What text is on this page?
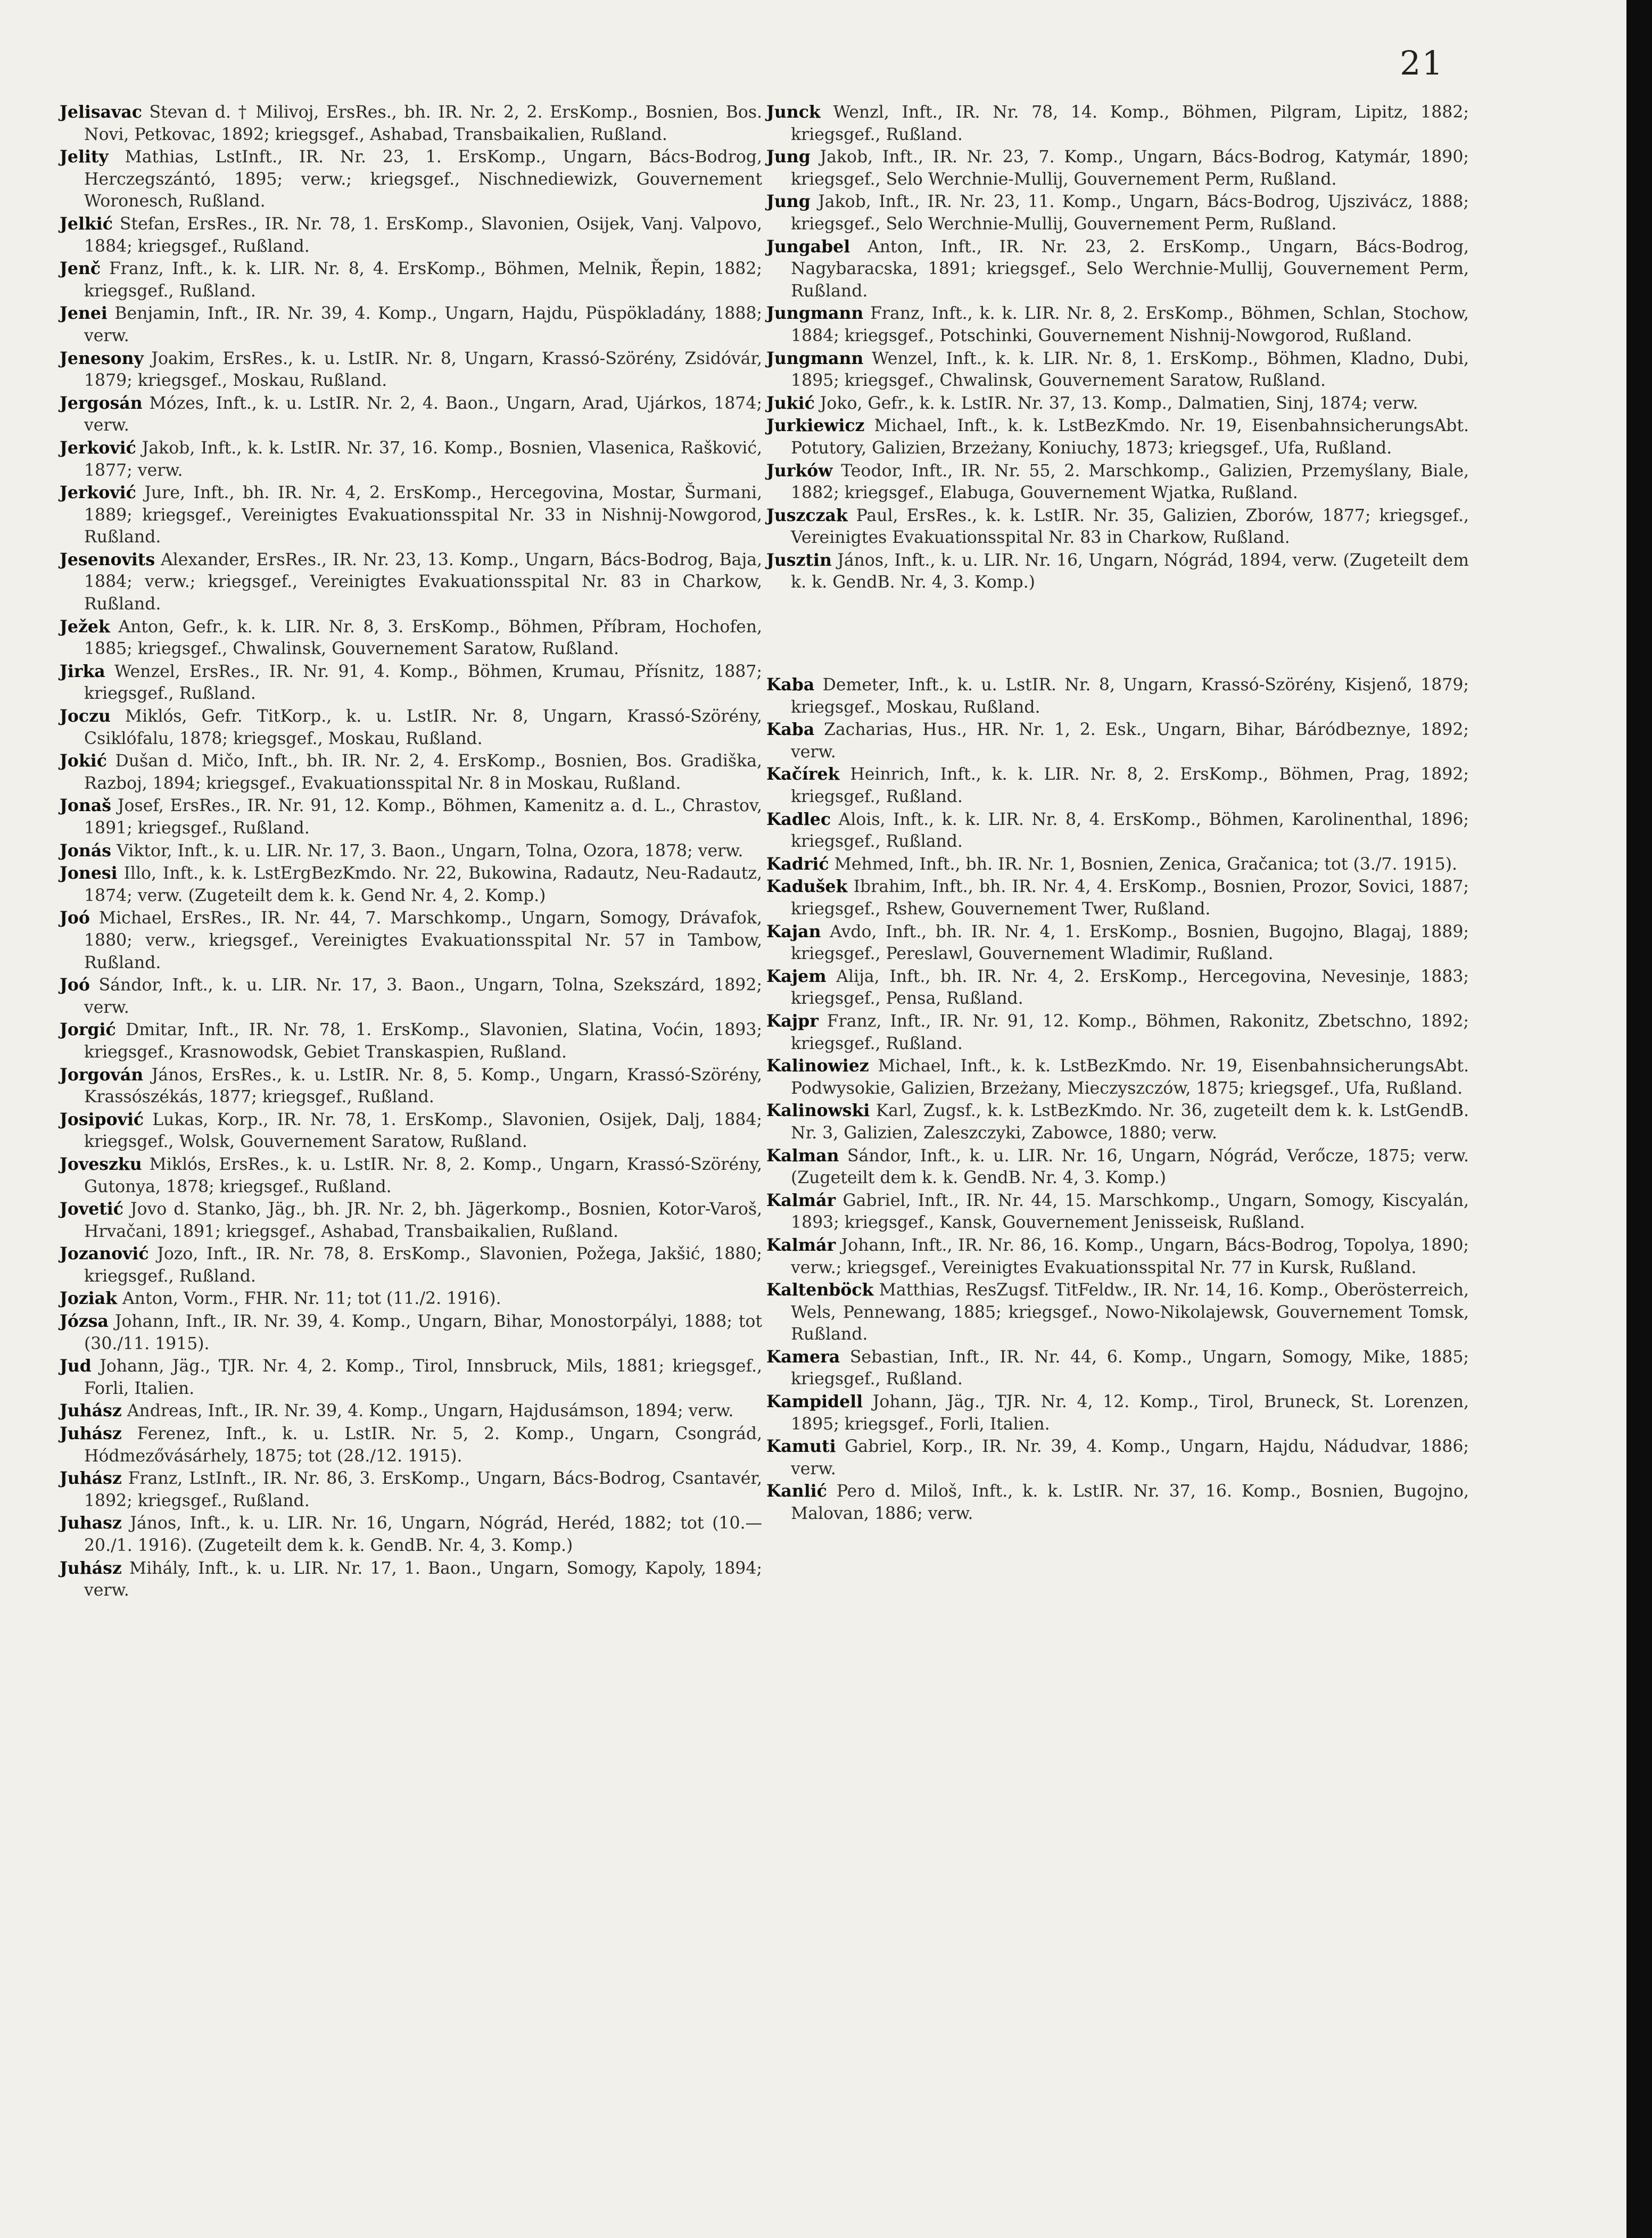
21

Jelisavac Stevan d. † Milivoj, ErsRes., bh. IR. Nr. 2, 2. ErsKomp., Bosnien, Bos. Novi, Petkovac, 1892; kriegsgef., Ashabad, Transbaikalien, Rußland.

Jelity Mathias, LstInft., IR. Nr. 23, 1. ErsKomp., Ungarn, Bács-Bodrog, Herczegszántó, 1895; verw.; kriegsgef., Nischnediewizk, Gouvernement Woronesch, Rußland.

Jelkić Stefan, ErsRes., IR. Nr. 78, 1. ErsKomp., Slavonien, Osijek, Vanj. Valpovo, 1884; kriegsgef., Rußland.

Jenč Franz, Inft., k. k. LIR. Nr. 8, 4. ErsKomp., Böhmen, Melnik, Řepin, 1882; kriegsgef., Rußland.

Jenei Benjamin, Inft., IR. Nr. 39, 4. Komp., Ungarn, Hajdu, Püspökladány, 1888; verw.

Jenesony Joakim, ErsRes., k. u. LstIR. Nr. 8, Ungarn, Krassó-Szörény, Zsidóvár, 1879; kriegsgef., Moskau, Rußland.

Jergosán Mózes, Inft., k. u. LstIR. Nr. 2, 4. Baon., Ungarn, Arad, Ujárkos, 1874; verw.

Jerković Jakob, Inft., k. k. LstIR. Nr. 37, 16. Komp., Bosnien, Vlasenica, Rašković, 1877; verw.

Jerković Jure, Inft., bh. IR. Nr. 4, 2. ErsKomp., Hercegovina, Mostar, Šurmani, 1889; kriegsgef., Vereinigtes Evakuationsspital Nr. 33 in Nishnij-Nowgorod, Rußland.

Jesenovits Alexander, ErsRes., IR. Nr. 23, 13. Komp., Ungarn, Bács-Bodrog, Baja, 1884; verw.; kriegsgef., Vereinigtes Evakuationsspital Nr. 83 in Charkow, Rußland.

Ježek Anton, Gefr., k. k. LIR. Nr. 8, 3. ErsKomp., Böhmen, Příbram, Hochofen, 1885; kriegsgef., Chwalinsk, Gouvernement Saratow, Rußland.

Jirka Wenzel, ErsRes., IR. Nr. 91, 4. Komp., Böhmen, Krumau, Přísnitz, 1887; kriegsgef., Rußland.

Joczu Miklós, Gefr. TitKorp., k. u. LstIR. Nr. 8, Ungarn, Krassó-Szörény, Csiklófalu, 1878; kriegsgef., Moskau, Rußland.

Jokić Dušan d. Mičo, Inft., bh. IR. Nr. 2, 4. ErsKomp., Bosnien, Bos. Gradiška, Razboj, 1894; kriegsgef., Evakuationsspital Nr. 8 in Moskau, Rußland.

Jonaš Josef, ErsRes., IR. Nr. 91, 12. Komp., Böhmen, Kamenitz a. d. L., Chrastov, 1891; kriegsgef., Rußland.

Jonás Viktor, Inft., k. u. LIR. Nr. 17, 3. Baon., Ungarn, Tolna, Ozora, 1878; verw.

Jonesi Illo, Inft., k. k. LstErgBezKmdo. Nr. 22, Bukowina, Radautz, Neu-Radautz, 1874; verw. (Zugeteilt dem k. k. Gend Nr. 4, 2. Komp.)

Joó Michael, ErsRes., IR. Nr. 44, 7. Marschkomp., Ungarn, Somogy, Drávafok, 1880; verw., kriegsgef., Vereinigtes Evakuationsspital Nr. 57 in Tambow, Rußland.

Joó Sándor, Inft., k. u. LIR. Nr. 17, 3. Baon., Ungarn, Tolna, Szekszárd, 1892; verw.

Jorgić Dmitar, Inft., IR. Nr. 78, 1. ErsKomp., Slavonien, Slatina, Voćin, 1893; kriegsgef., Krasnowodsk, Gebiet Transkaspien, Rußland.

Jorgován János, ErsRes., k. u. LstIR. Nr. 8, 5. Komp., Ungarn, Krassó-Szörény, Krassószékás, 1877; kriegsgef., Rußland.

Josipović Lukas, Korp., IR. Nr. 78, 1. ErsKomp., Slavonien, Osijek, Dalj, 1884; kriegsgef., Wolsk, Gouvernement Saratow, Rußland.

Joveszku Miklós, ErsRes., k. u. LstIR. Nr. 8, 2. Komp., Ungarn, Krassó-Szörény, Gutonya, 1878; kriegsgef., Rußland.

Jovetić Jovo d. Stanko, Jäg., bh. JR. Nr. 2, bh. Jägerkomp., Bosnien, Kotor-Varoš, Hrvačani, 1891; kriegsgef., Ashabad, Transbaikalien, Rußland.

Jozanović Jozo, Inft., IR. Nr. 78, 8. ErsKomp., Slavonien, Požega, Jakšić, 1880; kriegsgef., Rußland.

Joziak Anton, Vorm., FHR. Nr. 11; tot (11./2. 1916).

Józsa Johann, Inft., IR. Nr. 39, 4. Komp., Ungarn, Bihar, Monostorpályi, 1888; tot (30./11. 1915).

Jud Johann, Jäg., TJR. Nr. 4, 2. Komp., Tirol, Innsbruck, Mils, 1881; kriegsgef., Forli, Italien.

Juhász Andreas, Inft., IR. Nr. 39, 4. Komp., Ungarn, Hajdusámson, 1894; verw.

Juhász Ferenez, Inft., k. u. LstIR. Nr. 5, 2. Komp., Ungarn, Csongrád, Hódmezővásárhely, 1875; tot (28./12. 1915).

Juhász Franz, LstInft., IR. Nr. 86, 3. ErsKomp., Ungarn, Bács-Bodrog, Csantavér, 1892; kriegsgef., Rußland.

Juhasz János, Inft., k. u. LIR. Nr. 16, Ungarn, Nógrád, Heréd, 1882; tot (10.—20./1. 1916). (Zugeteilt dem k. k. GendB. Nr. 4, 3. Komp.)

Juhász Mihály, Inft., k. u. LIR. Nr. 17, 1. Baon., Ungarn, Somogy, Kapoly, 1894; verw.

Junck Wenzl, Inft., IR. Nr. 78, 14. Komp., Böhmen, Pilgram, Lipitz, 1882; kriegsgef., Rußland.

Jung Jakob, Inft., IR. Nr. 23, 7. Komp., Ungarn, Bács-Bodrog, Katymár, 1890; kriegsgef., Selo Werchnie-Mullij, Gouvernement Perm, Rußland.

Jung Jakob, Inft., IR. Nr. 23, 11. Komp., Ungarn, Bács-Bodrog, Ujszivácz, 1888; kriegsgef., Selo Werchnie-Mullij, Gouvernement Perm, Rußland.

Jungabel Anton, Inft., IR. Nr. 23, 2. ErsKomp., Ungarn, Bács-Bodrog, Nagybaracska, 1891; kriegsgef., Selo Werchnie-Mullij, Gouvernement Perm, Rußland.

Jungmann Franz, Inft., k. k. LIR. Nr. 8, 2. ErsKomp., Böhmen, Schlan, Stochow, 1884; kriegsgef., Potschinki, Gouvernement Nishnij-Nowgorod, Rußland.

Jungmann Wenzel, Inft., k. k. LIR. Nr. 8, 1. ErsKomp., Böhmen, Kladno, Dubi, 1895; kriegsgef., Chwalinsk, Gouvernement Saratow, Rußland.

Jukić Joko, Gefr., k. k. LstIR. Nr. 37, 13. Komp., Dalmatien, Sinj, 1874; verw.

Jurkiewicz Michael, Inft., k. k. LstBezKmdo. Nr. 19, EisenbahnsicherungsAbt. Potutory, Galizien, Brzeżany, Koniuchy, 1873; kriegsgef., Ufa, Rußland.

Jurków Teodor, Inft., IR. Nr. 55, 2. Marschkomp., Galizien, Przemyślany, Biale, 1882; kriegsgef., Elabuga, Gouvernement Wjatka, Rußland.

Juszczak Paul, ErsRes., k. k. LstIR. Nr. 35, Galizien, Zborów, 1877; kriegsgef., Vereinigtes Evakuationsspital Nr. 83 in Charkow, Rußland.

Jusztin János, Inft., k. u. LIR. Nr. 16, Ungarn, Nógrád, 1894, verw. (Zugeteilt dem k. k. GendB. Nr. 4, 3. Komp.)

Kaba Demeter, Inft., k. u. LstIR. Nr. 8, Ungarn, Krassó-Szörény, Kisjenő, 1879; kriegsgef., Moskau, Rußland.

Kaba Zacharias, Hus., HR. Nr. 1, 2. Esk., Ungarn, Bihar, Báródbeznye, 1892; verw.

Kačírek Heinrich, Inft., k. k. LIR. Nr. 8, 2. ErsKomp., Böhmen, Prag, 1892; kriegsgef., Rußland.

Kadlec Alois, Inft., k. k. LIR. Nr. 8, 4. ErsKomp., Böhmen, Karolinenthal, 1896; kriegsgef., Rußland.

Kadrić Mehmed, Inft., bh. IR. Nr. 1, Bosnien, Zenica, Gračanica; tot (3./7. 1915).

Kadušek Ibrahim, Inft., bh. IR. Nr. 4, 4. ErsKomp., Bosnien, Prozor, Sovici, 1887; kriegsgef., Rshew, Gouvernement Twer, Rußland.

Kajan Avdo, Inft., bh. IR. Nr. 4, 1. ErsKomp., Bosnien, Bugojno, Blagaj, 1889; kriegsgef., Pereslawl, Gouvernement Wladimir, Rußland.

Kajem Alija, Inft., bh. IR. Nr. 4, 2. ErsKomp., Hercegovina, Nevesinje, 1883; kriegsgef., Pensa, Rußland.

Kajpr Franz, Inft., IR. Nr. 91, 12. Komp., Böhmen, Rakonitz, Zbetschno, 1892; kriegsgef., Rußland.

Kalinowiez Michael, Inft., k. k. LstBezKmdo. Nr. 19, EisenbahnsicherungsAbt. Podwysokie, Galizien, Brzeżany, Mieczyszczów, 1875; kriegsgef., Ufa, Rußland.

Kalinowski Karl, Zugsf., k. k. LstBezKmdo. Nr. 36, zugeteilt dem k. k. LstGendB. Nr. 3, Galizien, Zaleszczyki, Zabowce, 1880; verw.

Kalman Sándor, Inft., k. u. LIR. Nr. 16, Ungarn, Nógrád, Verőcze, 1875; verw. (Zugeteilt dem k. k. GendB. Nr. 4, 3. Komp.)

Kalmár Gabriel, Inft., IR. Nr. 44, 15. Marschkomp., Ungarn, Somogy, Kiscyalán, 1893; kriegsgef., Kansk, Gouvernement Jenisseisk, Rußland.

Kalmár Johann, Inft., IR. Nr. 86, 16. Komp., Ungarn, Bács-Bodrog, Topolya, 1890; verw.; kriegsgef., Vereinigtes Evakuationsspital Nr. 77 in Kursk, Rußland.

Kaltenböck Matthias, ResZugsf. TitFeldw., IR. Nr. 14, 16. Komp., Oberösterreich, Wels, Pennewang, 1885; kriegsgef., Nowo-Nikolajewsk, Gouvernement Tomsk, Rußland.

Kamera Sebastian, Inft., IR. Nr. 44, 6. Komp., Ungarn, Somogy, Mike, 1885; kriegsgef., Rußland.

Kampidell Johann, Jäg., TJR. Nr. 4, 12. Komp., Tirol, Bruneck, St. Lorenzen, 1895; kriegsgef., Forli, Italien.

Kamuti Gabriel, Korp., IR. Nr. 39, 4. Komp., Ungarn, Hajdu, Nádudvar, 1886; verw.

Kanlić Pero d. Miloš, Inft., k. k. LstIR. Nr. 37, 16. Komp., Bosnien, Bugojno, Malovan, 1886; verw.
